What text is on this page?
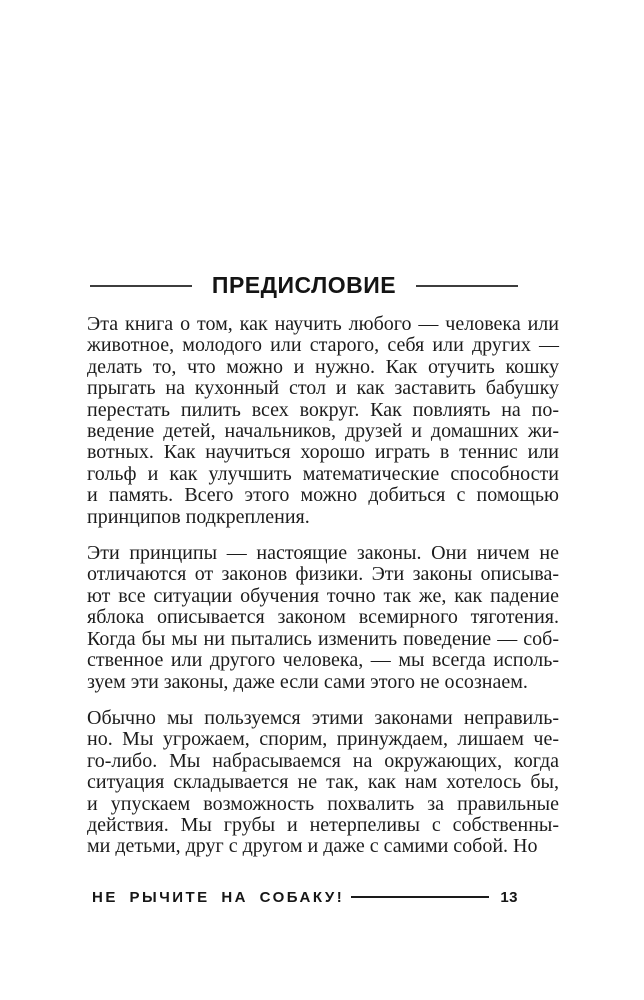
ПРЕДИСЛОВИЕ
Эта книга о том, как научить любого — человека или
животное, молодого или старого, себя или других —
делать то, что можно и нужно. Как отучить кошку
прыгать на кухонный стол и как заставить бабушку
перестать пилить всех вокруг. Как повлиять на по-
ведение детей, начальников, друзей и домашних жи-
вотных. Как научиться хорошо играть в теннис или
гольф и как улучшить математические способности
и память. Всего этого можно добиться с помощью
принципов подкрепления.
Эти принципы — настоящие законы. Они ничем не
отличаются от законов физики. Эти законы описыва-
ют все ситуации обучения точно так же, как падение
яблока описывается законом всемирного тяготения.
Когда бы мы ни пытались изменить поведение — соб-
ственное или другого человека, — мы всегда исполь-
зуем эти законы, даже если сами этого не осознаем.
Обычно мы пользуемся этими законами неправиль-
но. Мы угрожаем, спорим, принуждаем, лишаем че-
го-либо. Мы набрасываемся на окружающих, когда
ситуация складывается не так, как нам хотелось бы,
и упускаем возможность похвалить за правильные
действия. Мы грубы и нетерпеливы с собственны-
ми детьми, друг с другом и даже с самими собой. Но
НЕ РЫЧИТЕ НА СОБАКУ!	13
